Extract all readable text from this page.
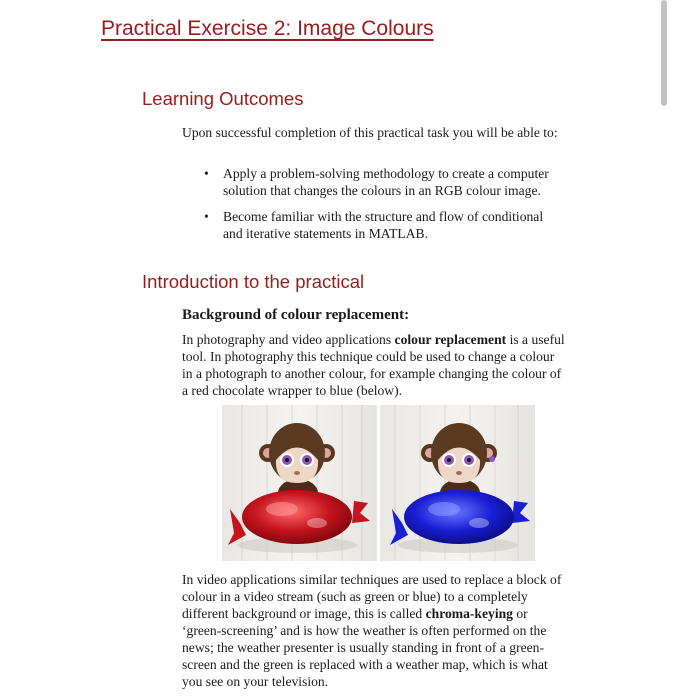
Practical Exercise 2: Image Colours
Learning Outcomes

Upon successful completion of this practical task you will be able to:

• Apply a problem-solving methodology to create a computer solution that changes the colours in an RGB colour image.
• Become familiar with the structure and flow of conditional and iterative statements in MATLAB.
Introduction to the practical
Background of colour replacement:

In photography and video applications colour replacement is a useful tool. In photography this technique could be used to change a colour in a photograph to another colour, for example changing the colour of a red chocolate wrapper to blue (below).

In video applications similar techniques are used to replace a block of colour in a video stream (such as green or blue) to a completely different background or image, this is called chroma-keying or ‘green-screening’ and is how the weather is often performed on the news; the weather presenter is usually standing in front of a green-screen and the green is replaced with a weather map, which is what you see on your television.
